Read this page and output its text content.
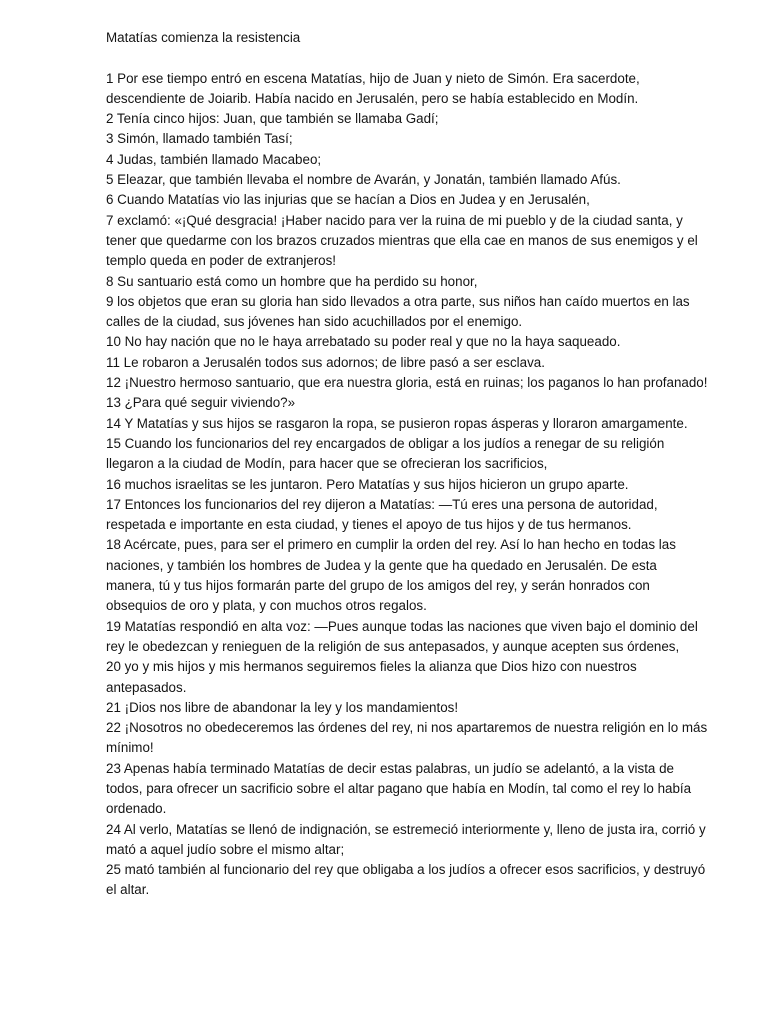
Matatías comienza la resistencia

1 Por ese tiempo entró en escena Matatías, hijo de Juan y nieto de Simón. Era sacerdote, descendiente de Joiarib. Había nacido en Jerusalén, pero se había establecido en Modín.

2 Tenía cinco hijos: Juan, que también se llamaba Gadí;

3 Simón, llamado también Tasí;

4 Judas, también llamado Macabeo;

5 Eleazar, que también llevaba el nombre de Avarán, y Jonatán, también llamado Afús.

6 Cuando Matatías vio las injurias que se hacían a Dios en Judea y en Jerusalén,

7 exclamó: «¡Qué desgracia! ¡Haber nacido para ver la ruina de mi pueblo y de la ciudad santa, y tener que quedarme con los brazos cruzados mientras que ella cae en manos de sus enemigos y el templo queda en poder de extranjeros!

8 Su santuario está como un hombre que ha perdido su honor,

9 los objetos que eran su gloria han sido llevados a otra parte, sus niños han caído muertos en las calles de la ciudad, sus jóvenes han sido acuchillados por el enemigo.

10 No hay nación que no le haya arrebatado su poder real y que no la haya saqueado.

11 Le robaron a Jerusalén todos sus adornos; de libre pasó a ser esclava.

12 ¡Nuestro hermoso santuario, que era nuestra gloria, está en ruinas; los paganos lo han profanado!

13 ¿Para qué seguir viviendo?»

14 Y Matatías y sus hijos se rasgaron la ropa, se pusieron ropas ásperas y lloraron amargamente.

15 Cuando los funcionarios del rey encargados de obligar a los judíos a renegar de su religión llegaron a la ciudad de Modín, para hacer que se ofrecieran los sacrificios,

16 muchos israelitas se les juntaron. Pero Matatías y sus hijos hicieron un grupo aparte.

17 Entonces los funcionarios del rey dijeron a Matatías: —Tú eres una persona de autoridad, respetada e importante en esta ciudad, y tienes el apoyo de tus hijos y de tus hermanos.

18 Acércate, pues, para ser el primero en cumplir la orden del rey. Así lo han hecho en todas las naciones, y también los hombres de Judea y la gente que ha quedado en Jerusalén. De esta manera, tú y tus hijos formarán parte del grupo de los amigos del rey, y serán honrados con obsequios de oro y plata, y con muchos otros regalos.

19 Matatías respondió en alta voz: —Pues aunque todas las naciones que viven bajo el dominio del rey le obedezcan y renieguen de la religión de sus antepasados, y aunque acepten sus órdenes,

20 yo y mis hijos y mis hermanos seguiremos fieles la alianza que Dios hizo con nuestros antepasados.

21 ¡Dios nos libre de abandonar la ley y los mandamientos!

22 ¡Nosotros no obedeceremos las órdenes del rey, ni nos apartaremos de nuestra religión en lo más mínimo!

23 Apenas había terminado Matatías de decir estas palabras, un judío se adelantó, a la vista de todos, para ofrecer un sacrificio sobre el altar pagano que había en Modín, tal como el rey lo había ordenado.

24 Al verlo, Matatías se llenó de indignación, se estremeció interiormente y, lleno de justa ira, corrió y mató a aquel judío sobre el mismo altar;

25 mató también al funcionario del rey que obligaba a los judíos a ofrecer esos sacrificios, y destruyó el altar.
